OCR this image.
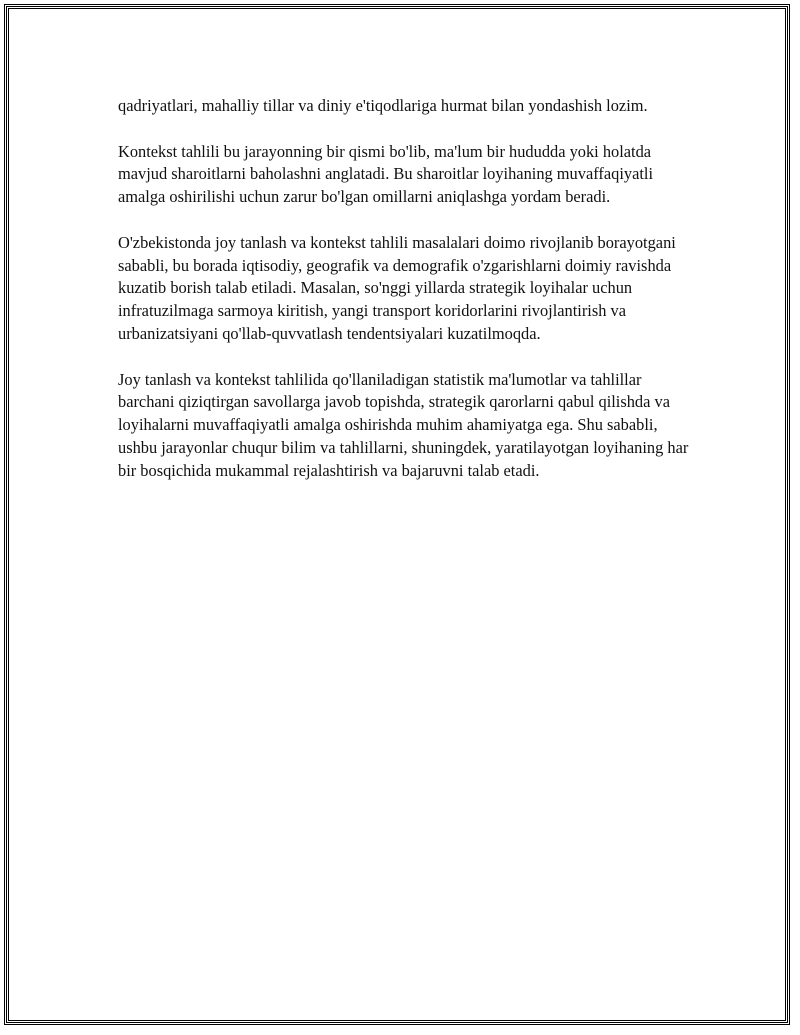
qadriyatlari, mahalliy tillar va diniy e'tiqodlariga hurmat bilan yondashish lozim.

Kontekst tahlili bu jarayonning bir qismi bo'lib, ma'lum bir hududda yoki holatda mavjud sharoitlarni baholashni anglatadi. Bu sharoitlar loyihaning muvaffaqiyatli amalga oshirilishi uchun zarur bo'lgan omillarni aniqlashga yordam beradi.

O'zbekistonda joy tanlash va kontekst tahlili masalalari doimo rivojlanib borayotgani sababli, bu borada iqtisodiy, geografik va demografik o'zgarishlarni doimiy ravishda kuzatib borish talab etiladi. Masalan, so'nggi yillarda strategik loyihalar uchun infratuzilmaga sarmoya kiritish, yangi transport koridorlarini rivojlantirish va urbanizatsiyani qo'llab-quvvatlash tendentsiyalari kuzatilmoqda.

Joy tanlash va kontekst tahlilida qo'llaniladigan statistik ma'lumotlar va tahlillar barchani qiziqtirgan savollarga javob topishda, strategik qarorlarni qabul qilishda va loyihalarni muvaffaqiyatli amalga oshirishda muhim ahamiyatga ega. Shu sababli, ushbu jarayonlar chuqur bilim va tahlillarni, shuningdek, yaratilayotgan loyihaning har bir bosqichida mukammal rejalashtirish va bajaruvni talab etadi.
